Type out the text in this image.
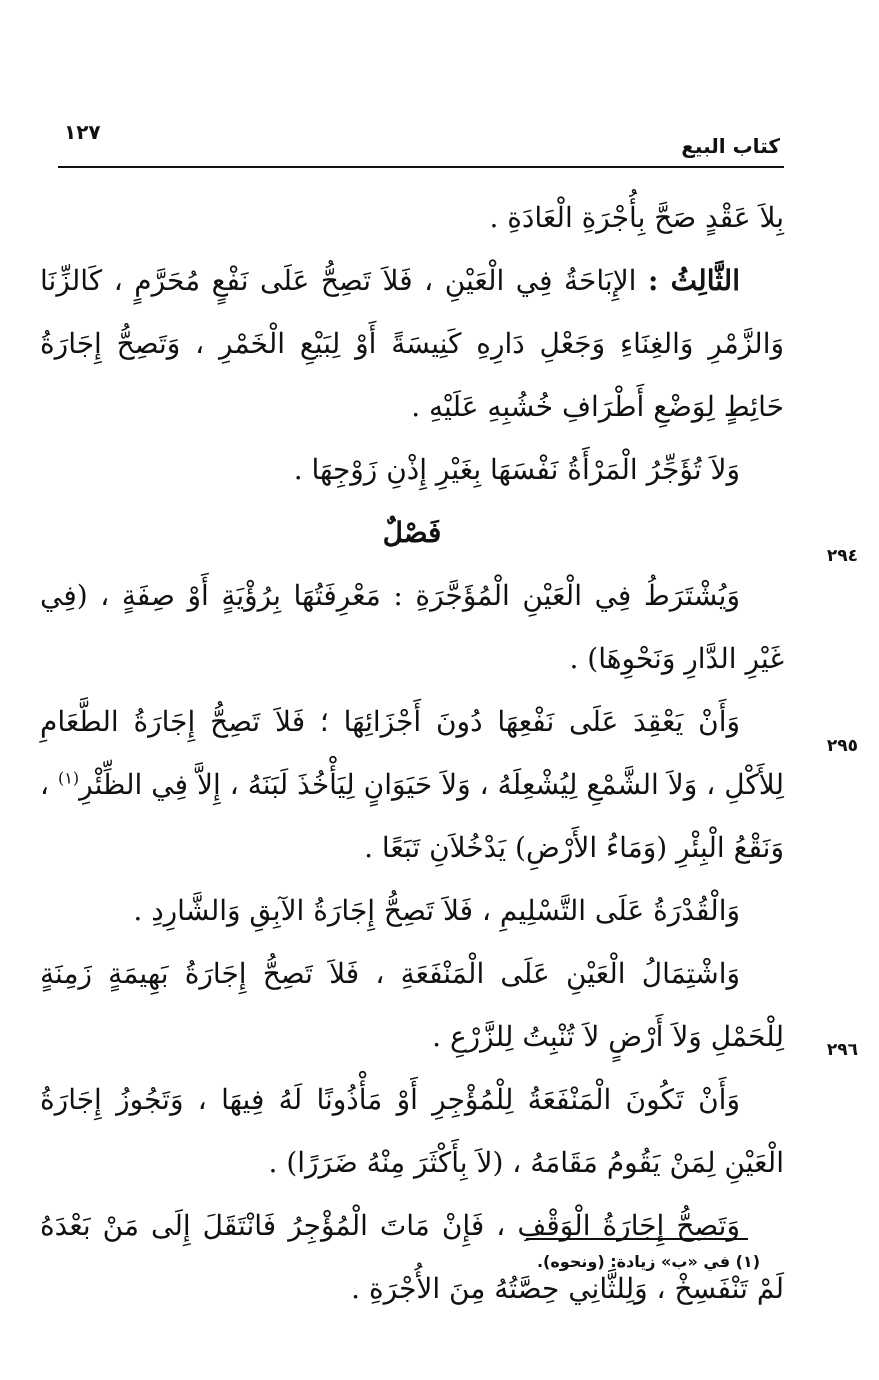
كتاب البيع
١٢٧
٢٩٤
٢٩٥
٢٩٦

بِلاَ عَقْدٍ صَحَّ بِأُجْرَةِ الْعَادَةِ .

الثَّالِثُ : الإِبَاحَةُ فِي الْعَيْنِ ، فَلاَ تَصِحُّ عَلَى نَفْعٍ مُحَرَّمٍ ، كَالزِّنَا وَالزَّمْرِ وَالغِنَاءِ وَجَعْلِ دَارِهِ كَنِيسَةً أَوْ لِبَيْعِ الْخَمْرِ ، وَتَصِحُّ إِجَارَةُ حَائِطٍ لِوَضْعِ أَطْرَافِ خُشُبِهِ عَلَيْهِ .

وَلاَ تُؤَجِّرُ الْمَرْأَةُ نَفْسَهَا بِغَيْرِ إِذْنِ زَوْجِهَا .

فَصْلٌ

وَيُشْتَرَطُ فِي الْعَيْنِ الْمُؤَجَّرَةِ : مَعْرِفَتُهَا بِرُؤْيَةٍ أَوْ صِفَةٍ ، (فِي غَيْرِ الدَّارِ وَنَحْوِهَا) .

وَأَنْ يَعْقِدَ عَلَى نَفْعِهَا دُونَ أَجْزَائِهَا ؛ فَلاَ تَصِحُّ إِجَارَةُ الطَّعَامِ لِلأَكْلِ ، وَلاَ الشَّمْعِ لِيُشْعِلَهُ ، وَلاَ حَيَوَانٍ لِيَأْخُذَ لَبَنَهُ ، إِلاَّ فِي الظِّئْرِ$^{(١)}$ ، وَنَقْعُ الْبِئْرِ (وَمَاءُ الأَرْضِ) يَدْخُلاَنِ تَبَعًا .

وَالْقُدْرَةُ عَلَى التَّسْلِيمِ ، فَلاَ تَصِحُّ إِجَارَةُ الآبِقِ وَالشَّارِدِ .

وَاشْتِمَالُ الْعَيْنِ عَلَى الْمَنْفَعَةِ ، فَلاَ تَصِحُّ إِجَارَةُ بَهِيمَةٍ زَمِنَةٍ لِلْحَمْلِ وَلاَ أَرْضٍ لاَ تُنْبِتُ لِلزَّرْعِ .

وَأَنْ تَكُونَ الْمَنْفَعَةُ لِلْمُؤْجِرِ أَوْ مَأْذُونًا لَهُ فِيهَا ، وَتَجُوزُ إِجَارَةُ الْعَيْنِ لِمَنْ يَقُومُ مَقَامَهُ ، (لاَ بِأَكْثَرَ مِنْهُ ضَرَرًا) .

وَتَصِحُّ إِجَارَةُ الْوَقْفِ ، فَإِنْ مَاتَ الْمُؤْجِرُ فَانْتَقَلَ إِلَى مَنْ بَعْدَهُ لَمْ تَنْفَسِخْ ، وَلِلثَّانِي حِصَّتُهُ مِنَ الأُجْرَةِ .

(١) في «ب» زيادة: (ونحوه).
